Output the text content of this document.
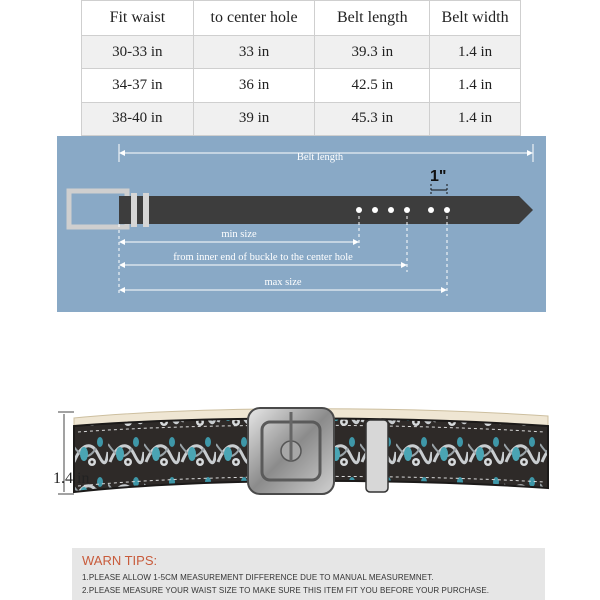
Fit waist	to center hole	Belt length	Belt width
30-33 in	33 in	39.3 in	1.4 in
34-37 in	36 in	42.5 in	1.4 in
38-40 in	39 in	45.3 in	1.4 in
Belt length
1"
min size
from inner end of buckle to the center hole
max size
1.4 in
WARN TIPS:
1.PLEASE ALLOW 1-5CM MEASUREMENT DIFFERENCE DUE TO MANUAL MEASUREMNET.
2.PLEASE MEASURE YOUR WAIST SIZE TO MAKE SURE THIS ITEM FIT YOU BEFORE YOUR PURCHASE.
